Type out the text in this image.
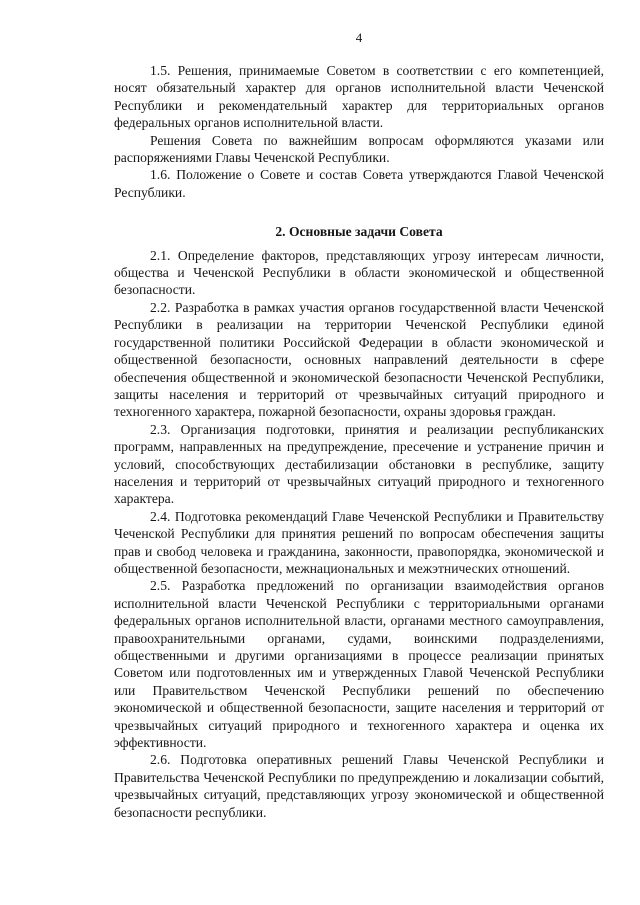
4

1.5. Решения, принимаемые Советом в соответствии с его компетенцией, носят обязательный характер для органов исполнительной власти Чеченской Республики и рекомендательный характер для территориальных органов федеральных органов исполнительной власти.

Решения Совета по важнейшим вопросам оформляются указами или распоряжениями Главы Чеченской Республики.

1.6. Положение о Совете и состав Совета утверждаются Главой Чеченской Республики.

2. Основные задачи Совета

2.1. Определение факторов, представляющих угрозу интересам личности, общества и Чеченской Республики в области экономической и общественной безопасности.

2.2. Разработка в рамках участия органов государственной власти Чеченской Республики в реализации на территории Чеченской Республики единой государственной политики Российской Федерации в области экономической и общественной безопасности, основных направлений деятельности в сфере обеспечения общественной и экономической безопасности Чеченской Республики, защиты населения и территорий от чрезвычайных ситуаций природного и техногенного характера, пожарной безопасности, охраны здоровья граждан.

2.3. Организация подготовки, принятия и реализации республиканских программ, направленных на предупреждение, пресечение и устранение причин и условий, способствующих дестабилизации обстановки в республике, защиту населения и территорий от чрезвычайных ситуаций природного и техногенного характера.

2.4. Подготовка рекомендаций Главе Чеченской Республики и Правительству Чеченской Республики для принятия решений по вопросам обеспечения защиты прав и свобод человека и гражданина, законности, правопорядка, экономической и общественной безопасности, межнациональных и межэтнических отношений.

2.5. Разработка предложений по организации взаимодействия органов исполнительной власти Чеченской Республики с территориальными органами федеральных органов исполнительной власти, органами местного самоуправления, правоохранительными органами, судами, воинскими подразделениями, общественными и другими организациями в процессе реализации принятых Советом или подготовленных им и утвержденных Главой Чеченской Республики или Правительством Чеченской Республики решений по обеспечению экономической и общественной безопасности, защите населения и территорий от чрезвычайных ситуаций природного и техногенного характера и оценка их эффективности.

2.6. Подготовка оперативных решений Главы Чеченской Республики и Правительства Чеченской Республики по предупреждению и локализации событий, чрезвычайных ситуаций, представляющих угрозу экономической и общественной безопасности республики.
